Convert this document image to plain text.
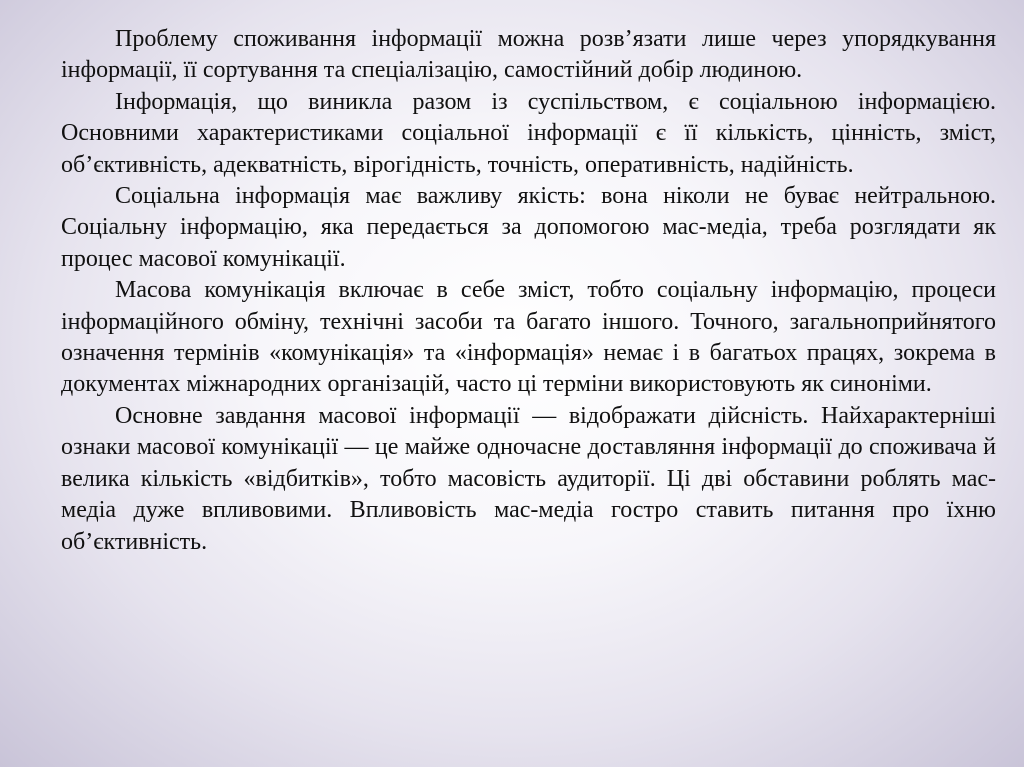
Проблему споживання інформації можна розв’язати лише через упорядкування інформації, її сортування та спеціалізацію, самостійний добір людиною.

Інформація, що виникла разом із суспільством, є соціальною інформацією. Основними характеристиками соціальної інформації є її кількість, цінність, зміст, об’єктивність, адекватність, вірогідність, точність, оперативність, надійність.

Соціальна інформація має важливу якість: вона ніколи не буває нейтральною. Соціальну інформацію, яка передається за допомогою мас-медіа, треба розглядати як процес масової комунікації.

Масова комунікація включає в себе зміст, тобто соціальну інформацію, процеси інформаційного обміну, технічні засоби та багато іншого. Точного, загальноприйнятого означення термінів «комунікація» та «інформація» немає і в багатьох працях, зокрема в документах міжнародних організацій, часто ці терміни використовують як синоніми.

Основне завдання масової інформації — відображати дійсність. Найхарактерніші ознаки масової комунікації — це майже одночасне доставляння інформації до споживача й велика кількість «відбитків», тобто масовість аудиторії. Ці дві обставини роблять мас-медіа дуже впливовими. Впливовість мас-медіа гостро ставить питання про їхню об’єктивність.
